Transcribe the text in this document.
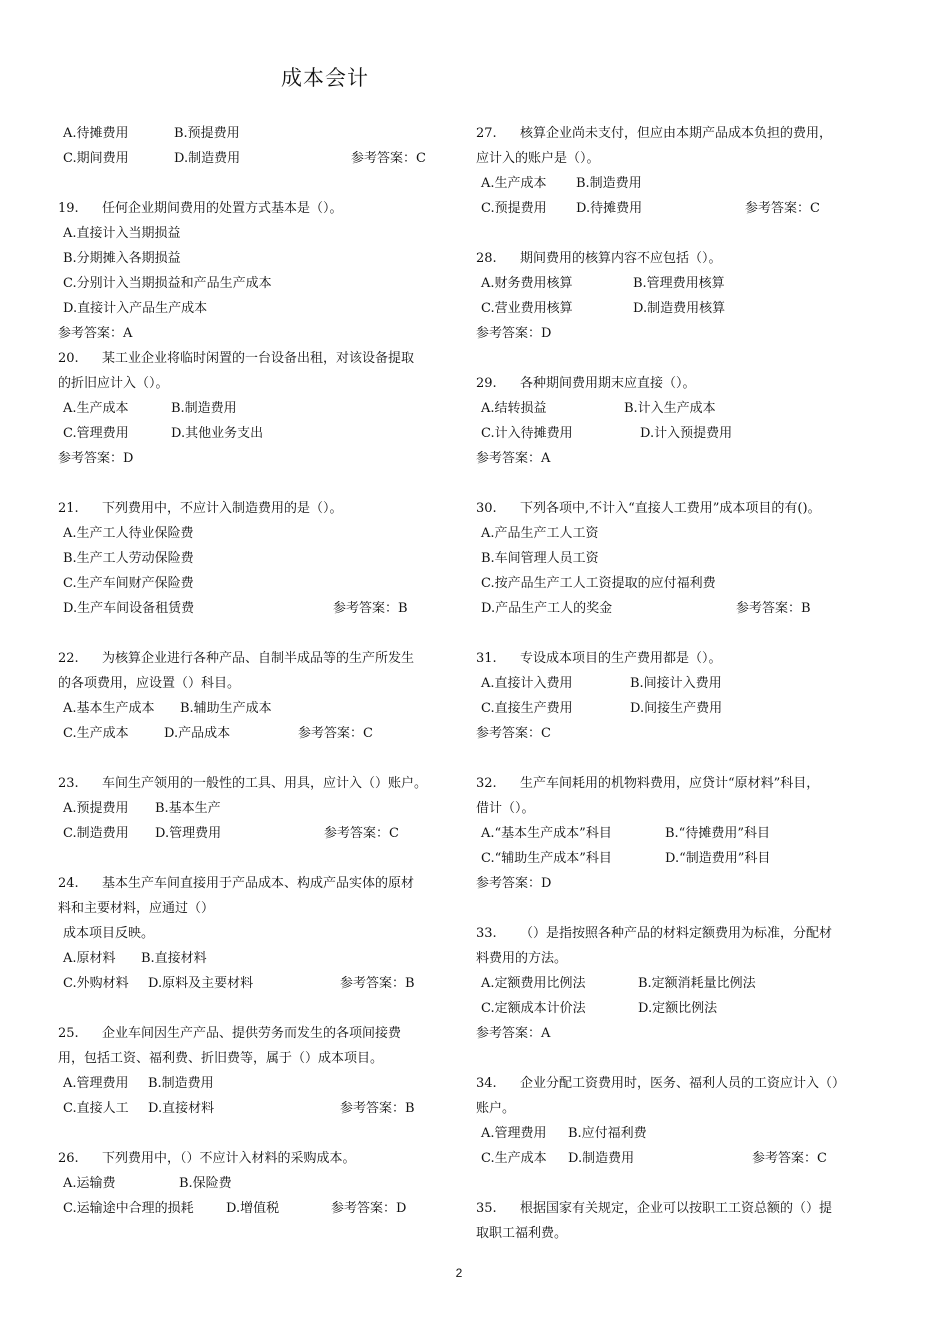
成本会计
A.待摊费用	B.预提费用
C.期间费用	D.制造费用	参考答案：C
19. 任何企业期间费用的处置方式基本是（）。
A.直接计入当期损益
B.分期摊入各期损益
C.分别计入当期损益和产品生产成本
D.直接计入产品生产成本
参考答案：A
20. 某工业企业将临时闲置的一台设备出租，对该设备提取
的折旧应计入（）。
A.生产成本	B.制造费用
C.管理费用	D.其他业务支出
参考答案：D
21. 下列费用中，不应计入制造费用的是（）。
A.生产工人待业保险费
B.生产工人劳动保险费
C.生产车间财产保险费
D.生产车间设备租赁费	参考答案：B
22. 为核算企业进行各种产品、自制半成品等的生产所发生
的各项费用，应设置（）科目。
A.基本生产成本 B.辅助生产成本
C.生产成本	D.产品成本	参考答案：C
23. 车间生产领用的一般性的工具、用具，应计入（）账户。
A.预提费用 B.基本生产
C.制造费用 D.管理费用	参考答案：C
24. 基本生产车间直接用于产品成本、构成产品实体的原材
料和主要材料，应通过（）
成本项目反映。
A.原材料 B.直接材料
C.外购材料 D.原料及主要材料	参考答案：B
25. 企业车间因生产产品、提供劳务而发生的各项间接费
用，包括工资、福利费、折旧费等，属于（）成本项目。
A.管理费用 B.制造费用
C.直接人工 D.直接材料	参考答案：B
26. 下列费用中，（）不应计入材料的采购成本。
A.运输费	B.保险费
C.运输途中合理的损耗 D.增值税	参考答案：D
27. 核算企业尚未支付，但应由本期产品成本负担的费用，
应计入的账户是（）。
A.生产成本 B.制造费用
C.预提费用 D.待摊费用	参考答案：C
28. 期间费用的核算内容不应包括（）。
A.财务费用核算	B.管理费用核算
C.营业费用核算	D.制造费用核算
参考答案：D
29. 各种期间费用期末应直接（）。
A.结转损益	B.计入生产成本
C.计入待摊费用	D.计入预提费用
参考答案：A
30. 下列各项中,不计入“直接人工费用”成本项目的有()。
A.产品生产工人工资
B.车间管理人员工资
C.按产品生产工人工资提取的应付福利费
D.产品生产工人的奖金	参考答案：B
31. 专设成本项目的生产费用都是（）。
A.直接计入费用	B.间接计入费用
C.直接生产费用	D.间接生产费用
参考答案：C
32. 生产车间耗用的机物料费用，应贷计“原材料”科目，
借计（）。
A.“基本生产成本”科目	B.“待摊费用”科目
C.“辅助生产成本”科目	D.“制造费用”科目
参考答案：D
33. （）是指按照各种产品的材料定额费用为标准，分配材
料费用的方法。
A.定额费用比例法	B.定额消耗量比例法
C.定额成本计价法	D.定额比例法
参考答案：A
34. 企业分配工资费用时，医务、福利人员的工资应计入（）
账户。
A.管理费用 B.应付福利费
C.生产成本 D.制造费用	参考答案：C
35. 根据国家有关规定，企业可以按职工工资总额的（）提
取职工福利费。
2
